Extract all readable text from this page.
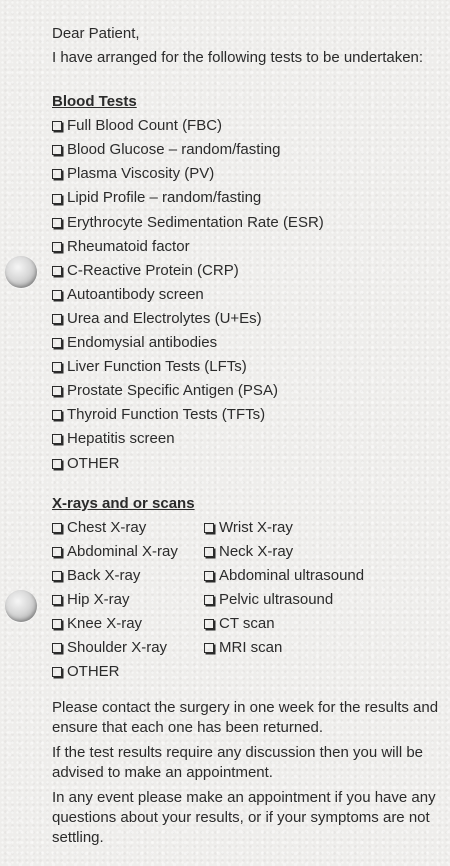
Dear Patient,
I have arranged for the following tests to be undertaken:
Blood Tests
Full Blood Count (FBC)
Blood Glucose – random/fasting
Plasma Viscosity (PV)
Lipid Profile – random/fasting
Erythrocyte Sedimentation Rate (ESR)
Rheumatoid factor
C-Reactive Protein (CRP)
Autoantibody screen
Urea and Electrolytes (U+Es)
Endomysial antibodies
Liver Function Tests (LFTs)
Prostate Specific Antigen (PSA)
Thyroid Function Tests (TFTs)
Hepatitis screen
OTHER
X-rays and or scans
Chest X-ray	Wrist X-ray
Abdominal X-ray	Neck X-ray
Back X-ray	Abdominal ultrasound
Hip X-ray	Pelvic ultrasound
Knee X-ray	CT scan
Shoulder X-ray	MRI scan
OTHER
Please contact the surgery in one week for the results and ensure that each one has been returned.
If the test results require any discussion then you will be advised to make an appointment.
In any event please make an appointment if you have any questions about your results, or if your symptoms are not settling.
